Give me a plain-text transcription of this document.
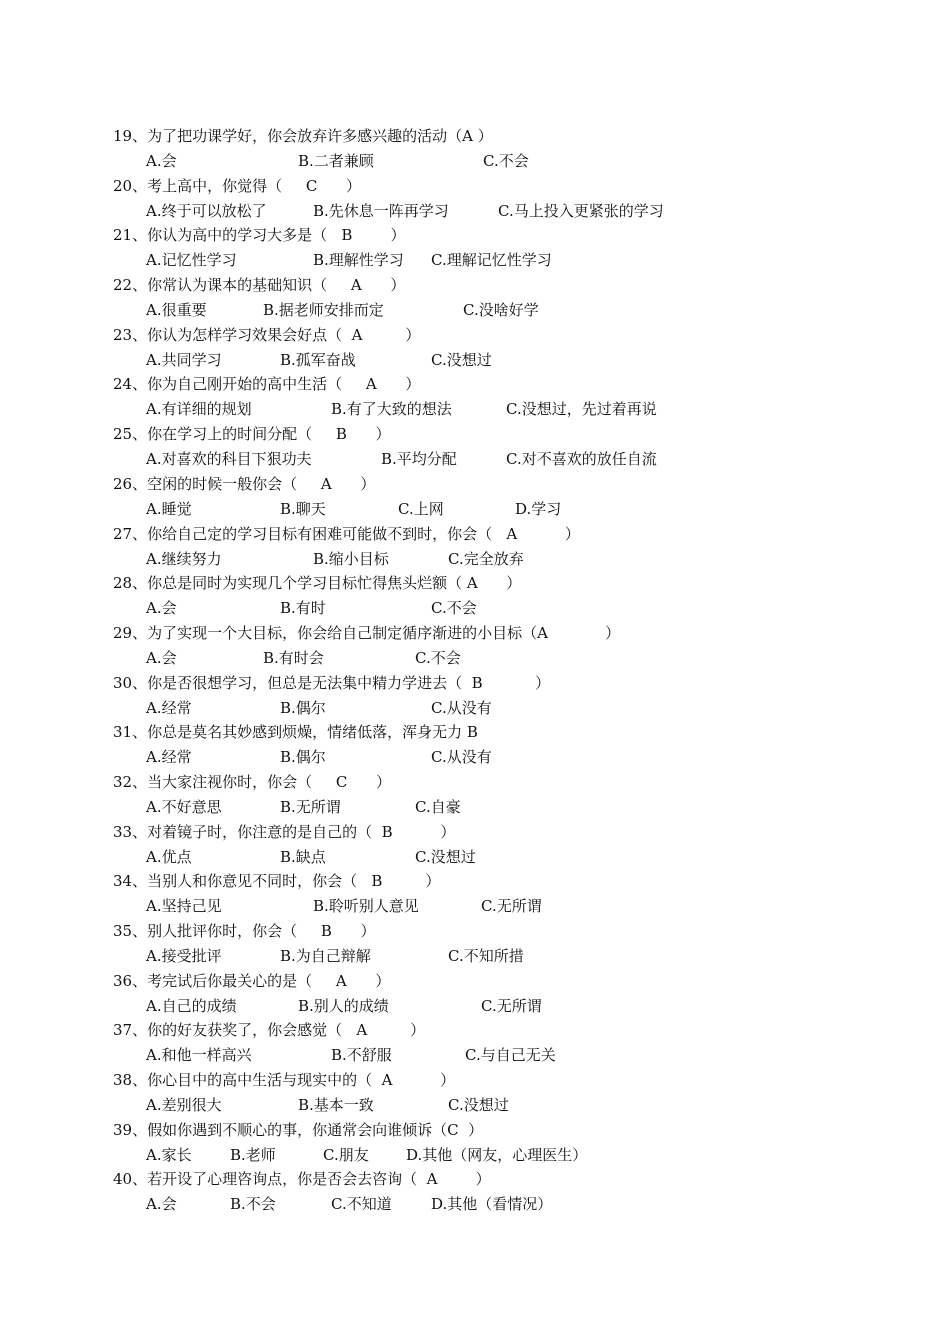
19、为了把功课学好，你会放弃许多感兴趣的活动（A ）
A.会	B.二者兼顾	C.不会
20、考上高中，你觉得（     C      ）
A.终于可以放松了	B.先休息一阵再学习	C.马上投入更紧张的学习
21、你认为高中的学习大多是（   B        ）
A.记忆性学习	B.理解性学习 C.理解记忆性学习
22、你常认为课本的基础知识（     A      ）
A.很重要	B.据老师安排而定	C.没啥好学
23、你认为怎样学习效果会好点（  A         ）
A.共同学习	B.孤军奋战	C.没想过
24、你为自己刚开始的高中生活（     A      ）
A.有详细的规划	B.有了大致的想法	C.没想过，先过着再说
25、你在学习上的时间分配（     B      ）
A.对喜欢的科目下狠功夫	B.平均分配	C.对不喜欢的放任自流
26、空闲的时候一般你会（     A      ）
A.睡觉	B.聊天	C.上网	D.学习
27、你给自己定的学习目标有困难可能做不到时，你会（   A          ）
A.继续努力	B.缩小目标	C.完全放弃
28、你总是同时为实现几个学习目标忙得焦头烂额（ A      ）
A.会	B.有时	C.不会
29、为了实现一个大目标，你会给自己制定循序渐进的小目标（A            ）
A.会	B.有时会	C.不会
30、你是否很想学习，但总是无法集中精力学进去（  B           ）
A.经常	B.偶尔	C.从没有
31、你总是莫名其妙感到烦燥，情绪低落，浑身无力 B
A.经常	B.偶尔	C.从没有
32、当大家注视你时，你会（     C      ）
A.不好意思	B.无所谓	C.自豪
33、对着镜子时，你注意的是自己的（  B          ）
A.优点	B.缺点	C.没想过
34、当别人和你意见不同时，你会（   B         ）
A.坚持己见	B.聆听别人意见	C.无所谓
35、别人批评你时，你会（     B      ）
A.接受批评	B.为自己辩解	C.不知所措
36、考完试后你最关心的是（     A      ）
A.自己的成绩	B.别人的成绩	C.无所谓
37、你的好友获奖了，你会感觉（   A         ）
A.和他一样高兴	B.不舒服	C.与自己无关
38、你心目中的高中生活与现实中的（  A          ）
A.差别很大	B.基本一致	C.没想过
39、假如你遇到不顺心的事，你通常会向谁倾诉（C  ）
A.家长	B.老师	C.朋友 D.其他（网友，心理医生）
40、若开设了心理咨询点，你是否会去咨询（  A        ）
A.会	B.不会	C.不知道	D.其他（看情况）
